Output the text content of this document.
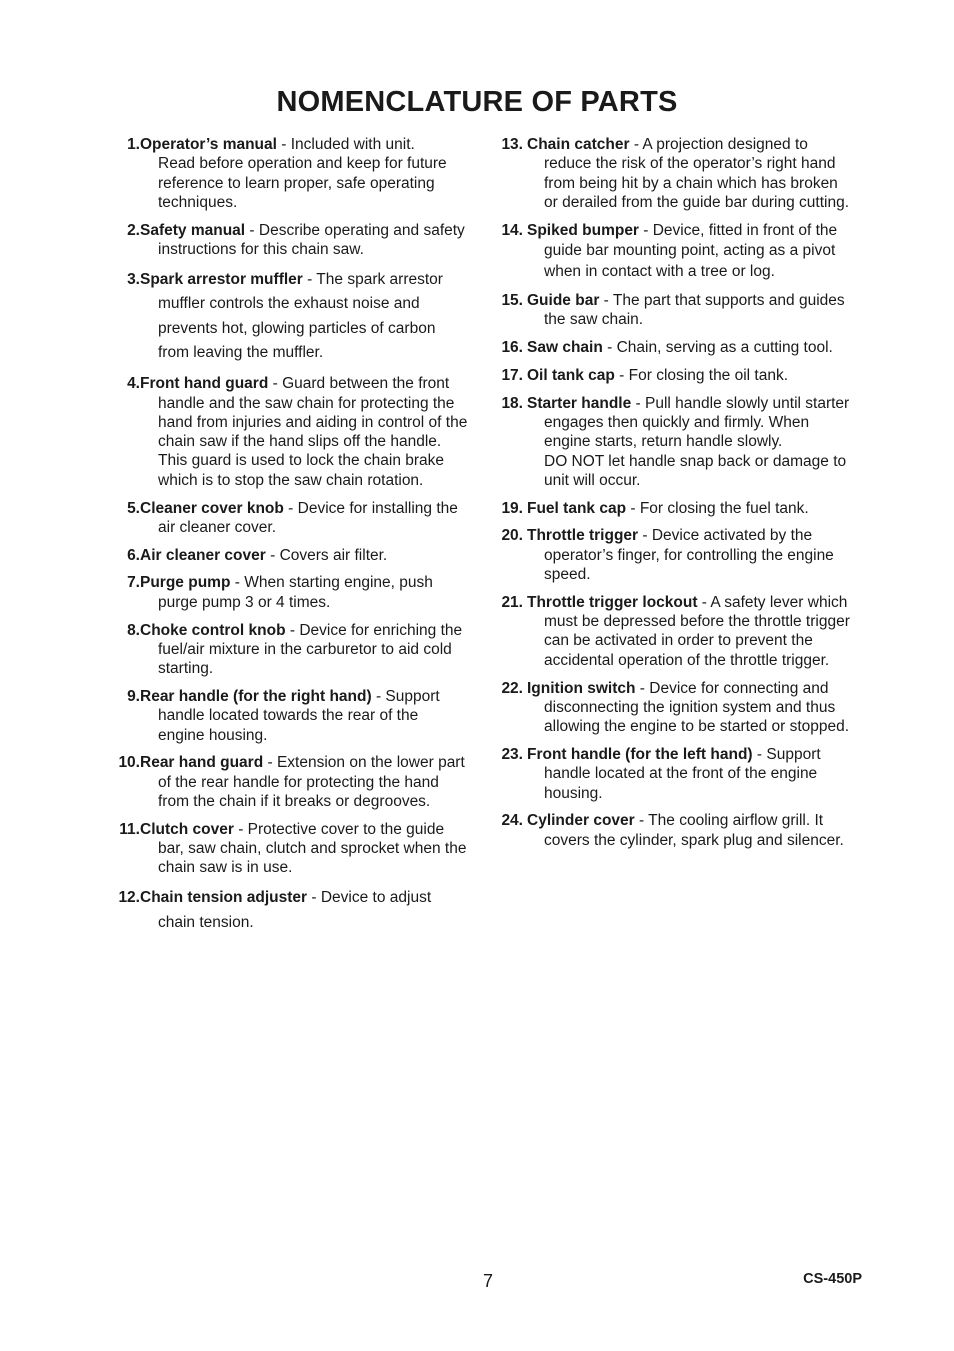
NOMENCLATURE OF PARTS
1. Operator’s manual - Included with unit.
Read before operation and keep for future
reference to learn proper, safe operating
techniques.
2. Safety manual - Describe operating and safety
instructions for this chain saw.
3. Spark arrestor muffler - The spark arrestor
muffler controls the exhaust noise and
prevents hot, glowing particles of carbon
from leaving the muffler.
4. Front hand guard - Guard between the front
handle and the saw chain for protecting the
hand from injuries and aiding in control of the
chain saw if the hand slips off the handle.
This guard is used to lock the chain brake
which is to stop the saw chain rotation.
5. Cleaner cover knob - Device for installing the
air cleaner cover.
6. Air cleaner cover - Covers air filter.
7. Purge pump - When starting engine, push
purge pump 3 or 4 times.
8. Choke control knob - Device for enriching the
fuel/air mixture in the carburetor to aid cold
starting.
9. Rear handle (for the right hand) - Support
handle located towards the rear of the
engine housing.
10. Rear hand guard - Extension on the lower part
of the rear handle for protecting the hand
from the chain if it breaks or degrooves.
11. Clutch cover - Protective cover to the guide
bar, saw chain, clutch and sprocket when the
chain saw is in use.
12. Chain tension adjuster - Device to adjust
chain tension.
13. Chain catcher - A projection designed to
reduce the risk of the operator’s right hand
from being hit by a chain which has broken
or derailed from the guide bar during cutting.
14. Spiked bumper - Device, fitted in front of the
guide bar mounting point, acting as a pivot
when in contact with a tree or log.
15. Guide bar - The part that supports and guides
the saw chain.
16. Saw chain - Chain, serving as a cutting tool.
17. Oil tank cap - For closing the oil tank.
18. Starter handle - Pull handle slowly until starter
engages then quickly and firmly. When
engine starts, return handle slowly.
DO NOT let handle snap back or damage to
unit will occur.
19. Fuel tank cap - For closing the fuel tank.
20. Throttle trigger - Device activated by the
operator’s finger, for controlling the engine
speed.
21. Throttle trigger lockout - A safety lever which
must be depressed before the throttle trigger
can be activated in order to prevent the
accidental operation of the throttle trigger.
22. Ignition switch - Device for connecting and
disconnecting the ignition system and thus
allowing the engine to be started or stopped.
23. Front handle (for the left hand) - Support
handle located at the front of the engine
housing.
24. Cylinder cover - The cooling airflow grill. It
covers the cylinder, spark plug and silencer.
7	CS-450P
